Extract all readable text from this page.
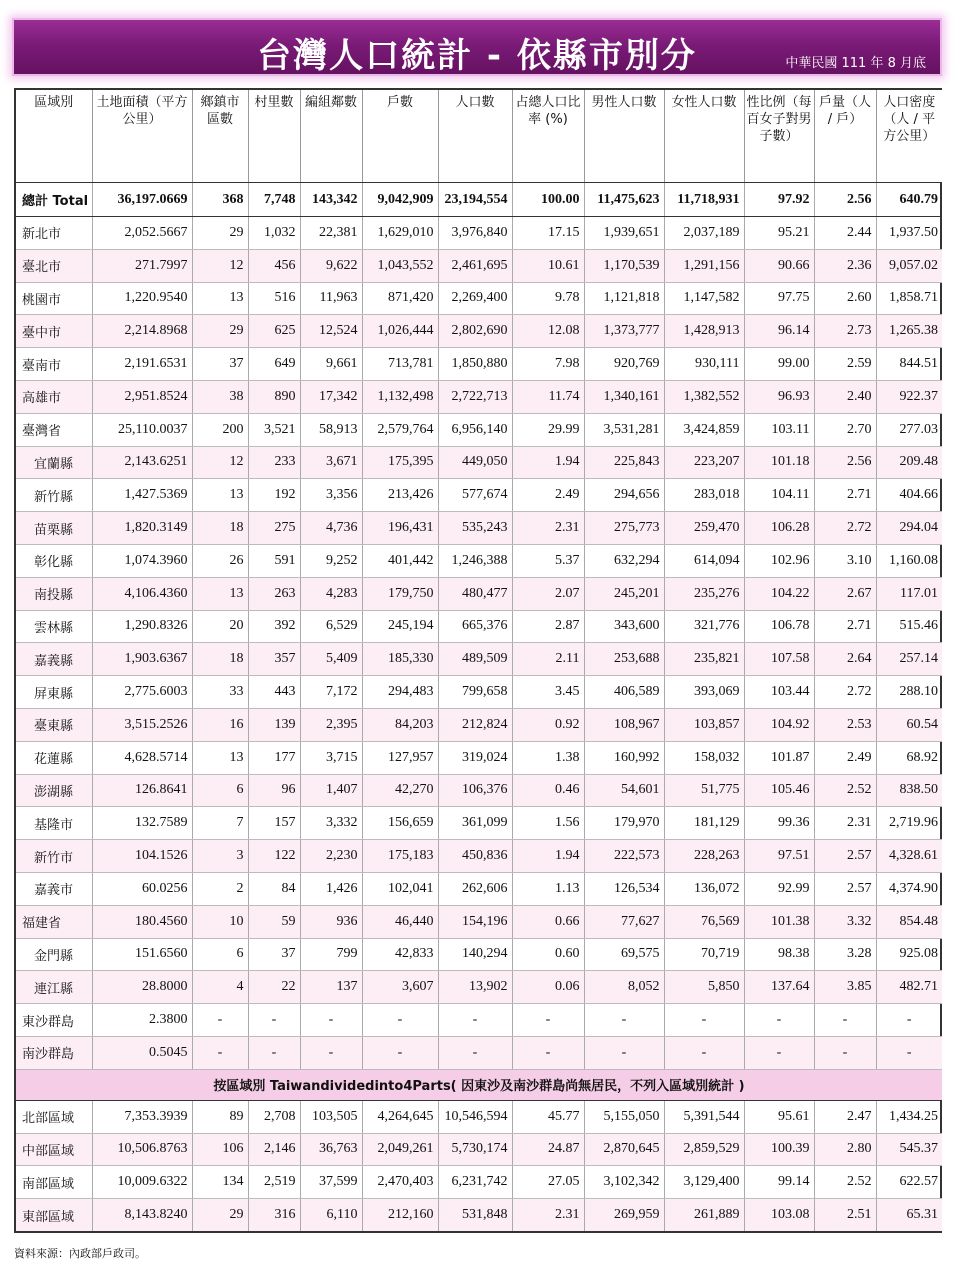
台灣人口統計 - 依縣市別分	中華民國 111 年 8 月底
區域別	土地面積（平方公里）	鄉鎮市區數	村里數	編組鄰數	戶數	人口數	占總人口比率 (%)	男性人口數	女性人口數	性比例（每百女子對男子數）	戶量（人 / 戶）	人口密度（人 / 平方公里）
總計 Total	36,197.0669	368	7,748	143,342	9,042,909	23,194,554	100.00	11,475,623	11,718,931	97.92	2.56	640.79
新北市	2,052.5667	29	1,032	22,381	1,629,010	3,976,840	17.15	1,939,651	2,037,189	95.21	2.44	1,937.50
臺北市	271.7997	12	456	9,622	1,043,552	2,461,695	10.61	1,170,539	1,291,156	90.66	2.36	9,057.02
桃園市	1,220.9540	13	516	11,963	871,420	2,269,400	9.78	1,121,818	1,147,582	97.75	2.60	1,858.71
臺中市	2,214.8968	29	625	12,524	1,026,444	2,802,690	12.08	1,373,777	1,428,913	96.14	2.73	1,265.38
臺南市	2,191.6531	37	649	9,661	713,781	1,850,880	7.98	920,769	930,111	99.00	2.59	844.51
高雄市	2,951.8524	38	890	17,342	1,132,498	2,722,713	11.74	1,340,161	1,382,552	96.93	2.40	922.37
臺灣省	25,110.0037	200	3,521	58,913	2,579,764	6,956,140	29.99	3,531,281	3,424,859	103.11	2.70	277.03
宜蘭縣	2,143.6251	12	233	3,671	175,395	449,050	1.94	225,843	223,207	101.18	2.56	209.48
新竹縣	1,427.5369	13	192	3,356	213,426	577,674	2.49	294,656	283,018	104.11	2.71	404.66
苗栗縣	1,820.3149	18	275	4,736	196,431	535,243	2.31	275,773	259,470	106.28	2.72	294.04
彰化縣	1,074.3960	26	591	9,252	401,442	1,246,388	5.37	632,294	614,094	102.96	3.10	1,160.08
南投縣	4,106.4360	13	263	4,283	179,750	480,477	2.07	245,201	235,276	104.22	2.67	117.01
雲林縣	1,290.8326	20	392	6,529	245,194	665,376	2.87	343,600	321,776	106.78	2.71	515.46
嘉義縣	1,903.6367	18	357	5,409	185,330	489,509	2.11	253,688	235,821	107.58	2.64	257.14
屏東縣	2,775.6003	33	443	7,172	294,483	799,658	3.45	406,589	393,069	103.44	2.72	288.10
臺東縣	3,515.2526	16	139	2,395	84,203	212,824	0.92	108,967	103,857	104.92	2.53	60.54
花蓮縣	4,628.5714	13	177	3,715	127,957	319,024	1.38	160,992	158,032	101.87	2.49	68.92
澎湖縣	126.8641	6	96	1,407	42,270	106,376	0.46	54,601	51,775	105.46	2.52	838.50
基隆市	132.7589	7	157	3,332	156,659	361,099	1.56	179,970	181,129	99.36	2.31	2,719.96
新竹市	104.1526	3	122	2,230	175,183	450,836	1.94	222,573	228,263	97.51	2.57	4,328.61
嘉義市	60.0256	2	84	1,426	102,041	262,606	1.13	126,534	136,072	92.99	2.57	4,374.90
福建省	180.4560	10	59	936	46,440	154,196	0.66	77,627	76,569	101.38	3.32	854.48
金門縣	151.6560	6	37	799	42,833	140,294	0.60	69,575	70,719	98.38	3.28	925.08
連江縣	28.8000	4	22	137	3,607	13,902	0.06	8,052	5,850	137.64	3.85	482.71
東沙群島	2.3800	-	-	-	-	-	-	-	-	-	-	-
南沙群島	0.5045	-	-	-	-	-	-	-	-	-	-	-
按區域別 Taiwandividedinto4Parts( 因東沙及南沙群島尚無居民，不列入區域別統計 )												
北部區域	7,353.3939	89	2,708	103,505	4,264,645	10,546,594	45.77	5,155,050	5,391,544	95.61	2.47	1,434.25
中部區域	10,506.8763	106	2,146	36,763	2,049,261	5,730,174	24.87	2,870,645	2,859,529	100.39	2.80	545.37
南部區域	10,009.6322	134	2,519	37,599	2,470,403	6,231,742	27.05	3,102,342	3,129,400	99.14	2.52	622.57
東部區域	8,143.8240	29	316	6,110	212,160	531,848	2.31	269,959	261,889	103.08	2.51	65.31
資料來源：內政部戶政司。
